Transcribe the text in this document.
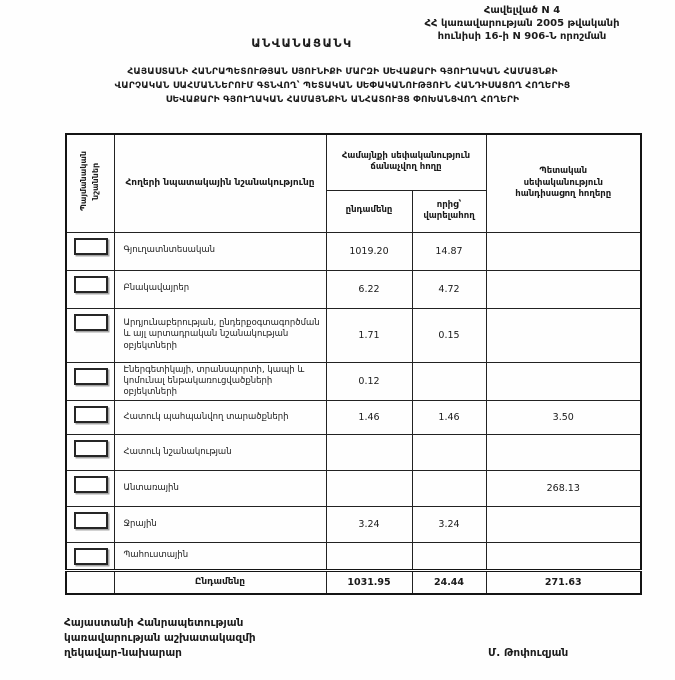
Հավելված N 4
ՀՀ կառավարության 2005 թվականի
հունիսի 16-ի N 906-Ն որոշման
ԱՆՎԱՆԱՑԱՆԿ
ՀԱՅԱՍՏԱՆԻ ՀԱՆՐԱՊԵՏՈՒԹՅԱՆ ՍՅՈՒՆԻՔԻ ՄԱՐԶԻ ՍԵՎԱՔԱՐԻ ԳՅՈՒՂԱԿԱՆ ՀԱՄԱՅՆՔԻ
ՎԱՐՉԱԿԱՆ ՍԱՀՄԱՆՆԵՐՈՒՄ ԳՏՆՎՈՂ՝ ՊԵՏԱԿԱՆ ՍԵՓԱԿԱՆՈՒԹՅՈՒՆ ՀԱՆԴԻՍԱՑՈՂ ՀՈՂԵՐԻՑ
ՍԵՎԱՔԱՐԻ ԳՅՈՒՂԱԿԱՆ ՀԱՄԱՅՆՔԻՆ ԱՆՀԱՏՈՒՅՑ ՓՈԽԱՆՑՎՈՂ ՀՈՂԵՐԻ
Պայմանական նշաններ	Հողերի նպատակային նշանակությունը	Համայնքի սեփականություն ճանաչվող հողը		Պետական սեփականություն հանդիսացող հողերը
		ընդամենը	որից՝ վարելահող	

	Գյուղատնտեսական	1019.20	14.87	

	Բնակավայրեր	6.22	4.72	

	Արդյունաբերության, ընդերքօգտագործման և այլ արտադրական նշանակության օբյեկտների	1.71	0.15	

	Էներգետիկայի, տրանսպորտի, կապի և կոմունալ ենթակառուցվածքների օբյեկտների	0.12		

	Հատուկ պահպանվող տարածքների	1.46	1.46	3.50

	Հատուկ նշանակության			

	Անտառային			268.13

	Ջրային	3.24	3.24	

	Պահուստային			
	Ընդամենը	1031.95	24.44	271.63
Հայաստանի Հանրապետության
կառավարության աշխատակազմի
ղեկավար-նախարար	Մ. Թոփուզյան
